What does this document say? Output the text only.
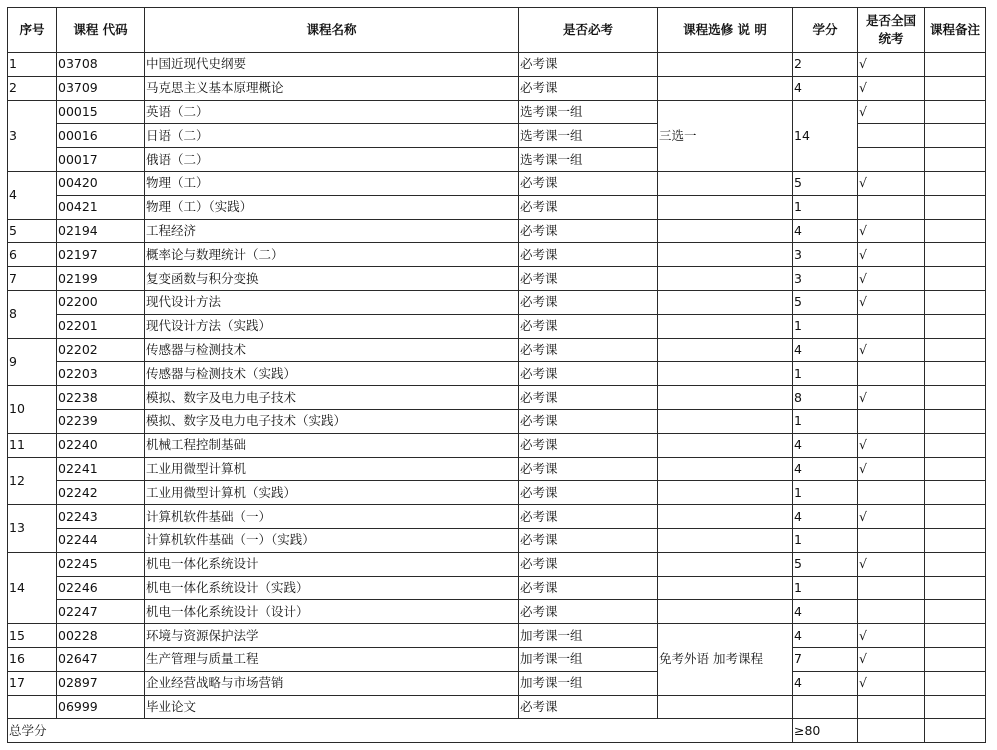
序号	课程 代码	课程名称	是否必考	课程选修 说 明	学分	是否全国统考	课程备注
1	03708	中国近现代史纲要	必考课		2	√	
2	03709	马克思主义基本原理概论	必考课		4	√	
3	00015	英语（二）	选考课一组	三选一	14	√	
	00016	日语（二）	选考课一组				
	00017	俄语（二）	选考课一组				
4	00420	物理（工）	必考课		5	√	
	00421	物理（工）（实践）	必考课		1		
5	02194	工程经济	必考课		4	√	
6	02197	概率论与数理统计（二）	必考课		3	√	
7	02199	复变函数与积分变换	必考课		3	√	
8	02200	现代设计方法	必考课		5	√	
	02201	现代设计方法（实践）	必考课		1		
9	02202	传感器与检测技术	必考课		4	√	
	02203	传感器与检测技术（实践）	必考课		1		
10	02238	模拟、数字及电力电子技术	必考课		8	√	
	02239	模拟、数字及电力电子技术（实践）	必考课		1		
11	02240	机械工程控制基础	必考课		4	√	
12	02241	工业用微型计算机	必考课		4	√	
	02242	工业用微型计算机（实践）	必考课		1		
13	02243	计算机软件基础（一）	必考课		4	√	
	02244	计算机软件基础（一）（实践）	必考课		1		
14	02245	机电一体化系统设计	必考课		5	√	
	02246	机电一体化系统设计（实践）	必考课		1		
	02247	机电一体化系统设计（设计）	必考课		4		
15	00228	环境与资源保护法学	加考课一组	免考外语 加考课程	4	√	
16	02647	生产管理与质量工程	加考课一组		7	√	
17	02897	企业经营战略与市场营销	加考课一组		4	√	
	06999	毕业论文	必考课				
总学分					≥80		
